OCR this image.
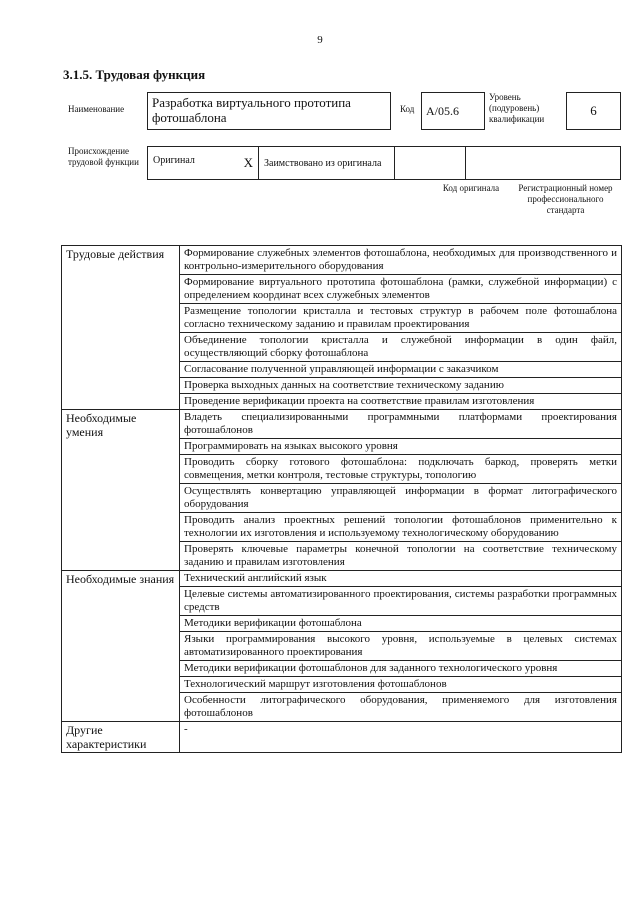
9
3.1.5. Трудовая функция
Наименование	Разработка виртуального прототипа фотошаблона
Код A/05.6
Уровень (подуровень) квалификации
6
Происхождение трудовой функции	Оригинал	X	Заимствовано из оригинала		
Код оригинала	Регистрационный номер профессионального стандарта
Трудовые действия	Формирование служебных элементов фотошаблона, необходимых для производственного и контрольно-измерительного оборудования
	Формирование виртуального прототипа фотошаблона (рамки, служебной информации) с определением координат всех служебных элементов
	Размещение топологии кристалла и тестовых структур в рабочем поле фотошаблона согласно техническому заданию и правилам проектирования
	Объединение топологии кристалла и служебной информации в один файл, осуществляющий сборку фотошаблона
	Согласование полученной управляющей информации с заказчиком
	Проверка выходных данных на соответствие техническому заданию
	Проведение верификации проекта на соответствие правилам изготовления
Необходимые умения	Владеть специализированными программными платформами проектирования фотошаблонов
	Программировать на языках высокого уровня
	Проводить сборку готового фотошаблона: подключать баркод, проверять метки совмещения, метки контроля, тестовые структуры, топологию
	Осуществлять конвертацию управляющей информации в формат литографического оборудования
	Проводить анализ проектных решений топологии фотошаблонов применительно к технологии их изготовления и используемому технологическому оборудованию
	Проверять ключевые параметры конечной топологии на соответствие техническому заданию и правилам изготовления
Необходимые знания	Технический английский язык
	Целевые системы автоматизированного проектирования, системы разработки программных средств
	Методики верификации фотошаблона
	Языки программирования высокого уровня, используемые в целевых системах автоматизированного проектирования
	Методики верификации фотошаблонов для заданного технологического уровня
	Технологический маршрут изготовления фотошаблонов
	Особенности литографического оборудования, применяемого для изготовления фотошаблонов
Другие характеристики	-
